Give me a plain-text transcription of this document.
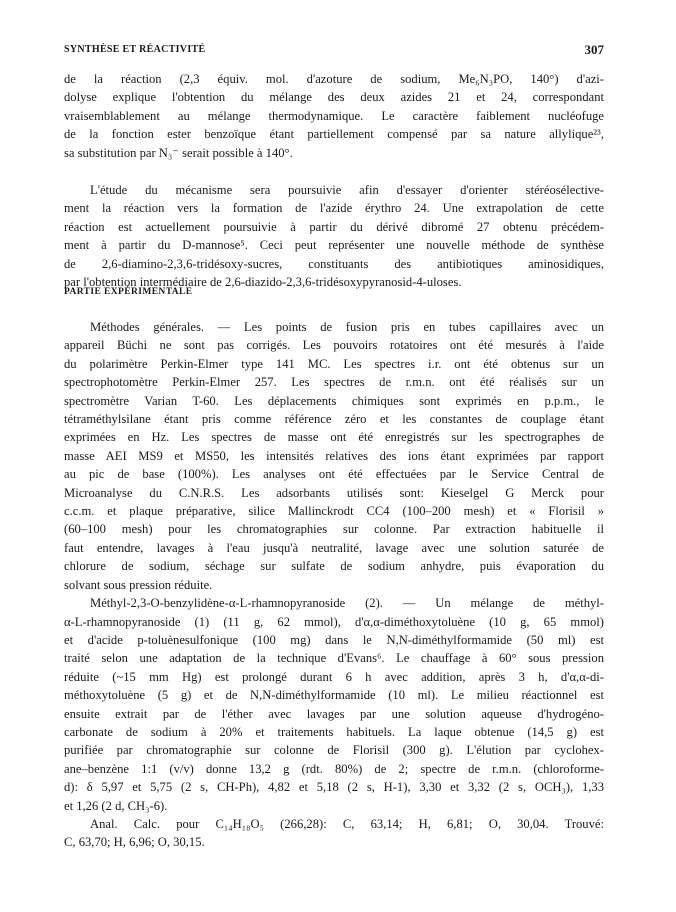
SYNTHÈSE ET RÉACTIVITÉ	307
de la réaction (2,3 équiv. mol. d'azoture de sodium, Me₆N₃PO, 140°) d'azi-
dolyse explique l'obtention du mélange des deux azides 21 et 24, correspondant
vraisemblablement au mélange thermodynamique. Le caractère faiblement nucléofuge
de la fonction ester benzoïque étant partiellement compensé par sa nature allylique²³,
sa substitution par N₃⁻ serait possible à 140°.
L'étude du mécanisme sera poursuivie afin d'essayer d'orienter stéréosélective-
ment la réaction vers la formation de l'azide érythro 24. Une extrapolation de cette
réaction est actuellement poursuivie à partir du dérivé dibromé 27 obtenu précédem-
ment à partir du D-mannose⁵. Ceci peut représenter une nouvelle méthode de synthèse
de 2,6-diamino-2,3,6-tridésoxy-sucres, constituants des antibiotiques aminosidiques,
par l'obtention intermédiaire de 2,6-diazido-2,3,6-tridésoxypyranosid-4-uloses.
PARTIE EXPÉRIMENTALE
Méthodes générales. — Les points de fusion pris en tubes capillaires avec un
appareil Büchi ne sont pas corrigés. Les pouvoirs rotatoires ont été mesurés à l'aide
du polarimètre Perkin-Elmer type 141 MC. Les spectres i.r. ont été obtenus sur un
spectrophotomètre Perkin-Elmer 257. Les spectres de r.m.n. ont été réalisés sur un
spectromètre Varian T-60. Les déplacements chimiques sont exprimés en p.p.m., le
tétraméthylsilane étant pris comme référence zéro et les constantes de couplage étant
exprimées en Hz. Les spectres de masse ont été enregistrés sur les spectrographes de
masse AEI MS9 et MS50, les intensités relatives des ions étant exprimées par rapport
au pic de base (100%). Les analyses ont été effectuées par le Service Central de
Microanalyse du C.N.R.S. Les adsorbants utilisés sont: Kieselgel G Merck pour
c.c.m. et plaque préparative, silice Mallinckrodt CC4 (100–200 mesh) et « Florisil »
(60–100 mesh) pour les chromatographies sur colonne. Par extraction habituelle il
faut entendre, lavages à l'eau jusqu'à neutralité, lavage avec une solution saturée de
chlorure de sodium, séchage sur sulfate de sodium anhydre, puis évaporation du
solvant sous pression réduite.
Méthyl-2,3-O-benzylidène-α-L-rhamnopyranoside (2). — Un mélange de méthyl-
α-L-rhamnopyranoside (1) (11 g, 62 mmol), d'α,α-diméthoxytoluène (10 g, 65 mmol)
et d'acide p-toluènesulfonique (100 mg) dans le N,N-diméthylformamide (50 ml) est
traité selon une adaptation de la technique d'Evans⁶. Le chauffage à 60° sous pression
réduite (~15 mm Hg) est prolongé durant 6 h avec addition, après 3 h, d'α,α-di-
méthoxytoluène (5 g) et de N,N-diméthylformamide (10 ml). Le milieu réactionnel est
ensuite extrait par de l'éther avec lavages par une solution aqueuse d'hydrogéno-
carbonate de sodium à 20% et traitements habituels. La laque obtenue (14,5 g) est
purifiée par chromatographie sur colonne de Florisil (300 g). L'élution par cyclohex-
ane–benzène 1:1 (v/v) donne 13,2 g (rdt. 80%) de 2; spectre de r.m.n. (chloroforme-
d): δ 5,97 et 5,75 (2 s, CH-Ph), 4,82 et 5,18 (2 s, H-1), 3,30 et 3,32 (2 s, OCH₃), 1,33
et 1,26 (2 d, CH₃-6).
Anal. Calc. pour C₁₄H₁₈O₅ (266,28): C, 63,14; H, 6,81; O, 30,04. Trouvé:
C, 63,70; H, 6,96; O, 30,15.
